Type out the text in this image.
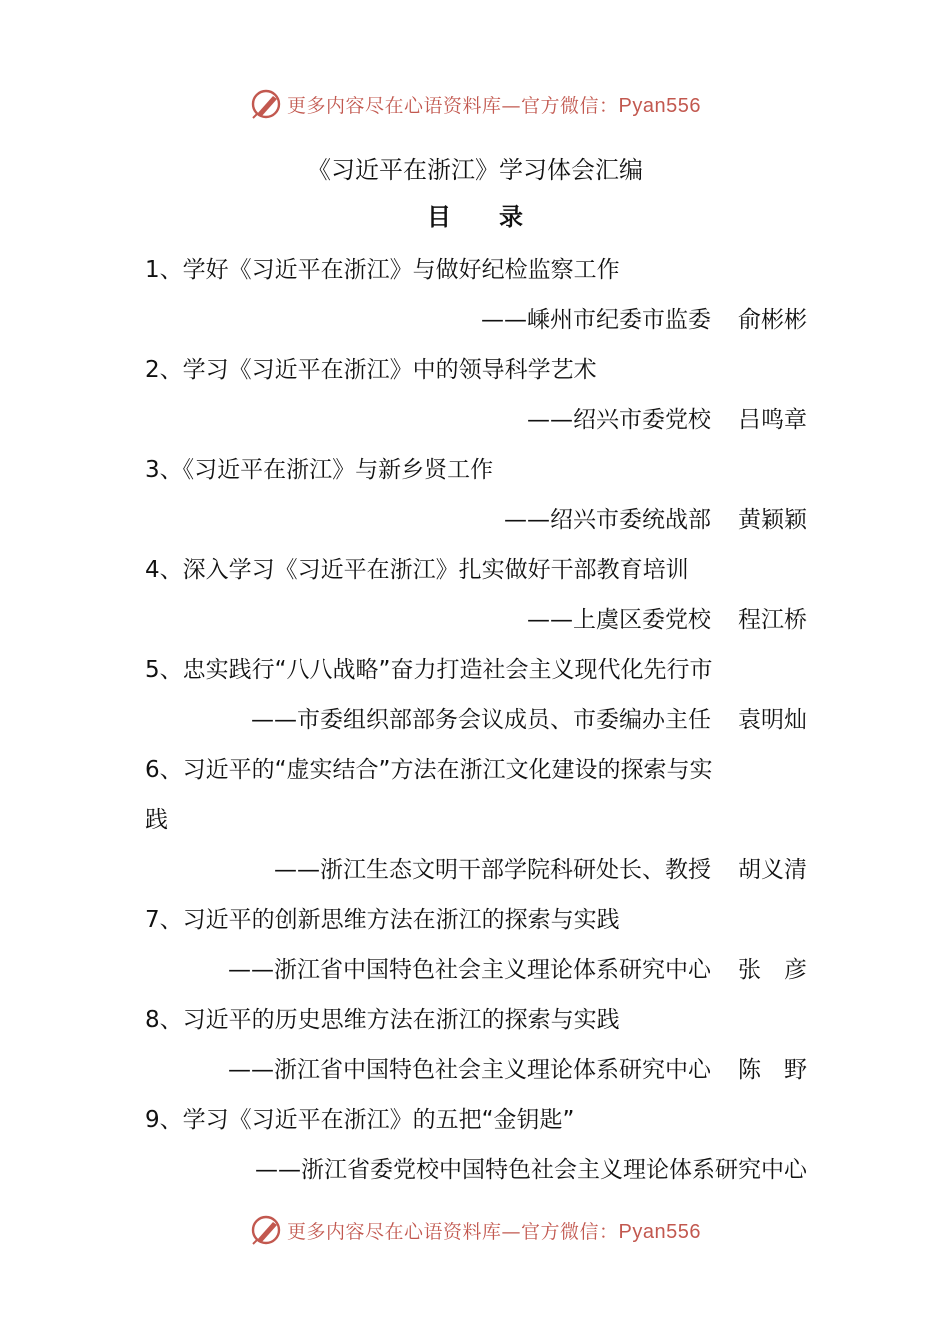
更多内容尽在心语资料库—官方微信：Pyan556
《习近平在浙江》学习体会汇编
目录
1、学好《习近平在浙江》与做好纪检监察工作
——嵊州市纪委市监委 俞彬彬
2、学习《习近平在浙江》中的领导科学艺术
——绍兴市委党校 吕鸣章
3、《习近平在浙江》与新乡贤工作
——绍兴市委统战部 黄颖颖
4、深入学习《习近平在浙江》扎实做好干部教育培训
——上虞区委党校 程江桥
5、忠实践行“八八战略”奋力打造社会主义现代化先行市
——市委组织部部务会议成员、市委编办主任 袁明灿
6、习近平的“虚实结合”方法在浙江文化建设的探索与实
践
——浙江生态文明干部学院科研处长、教授 胡义清
7、习近平的创新思维方法在浙江的探索与实践
——浙江省中国特色社会主义理论体系研究中心 张　彦
8、习近平的历史思维方法在浙江的探索与实践
——浙江省中国特色社会主义理论体系研究中心 陈　野
9、学习《习近平在浙江》的五把“金钥匙”
——浙江省委党校中国特色社会主义理论体系研究中心
更多内容尽在心语资料库—官方微信：Pyan556
